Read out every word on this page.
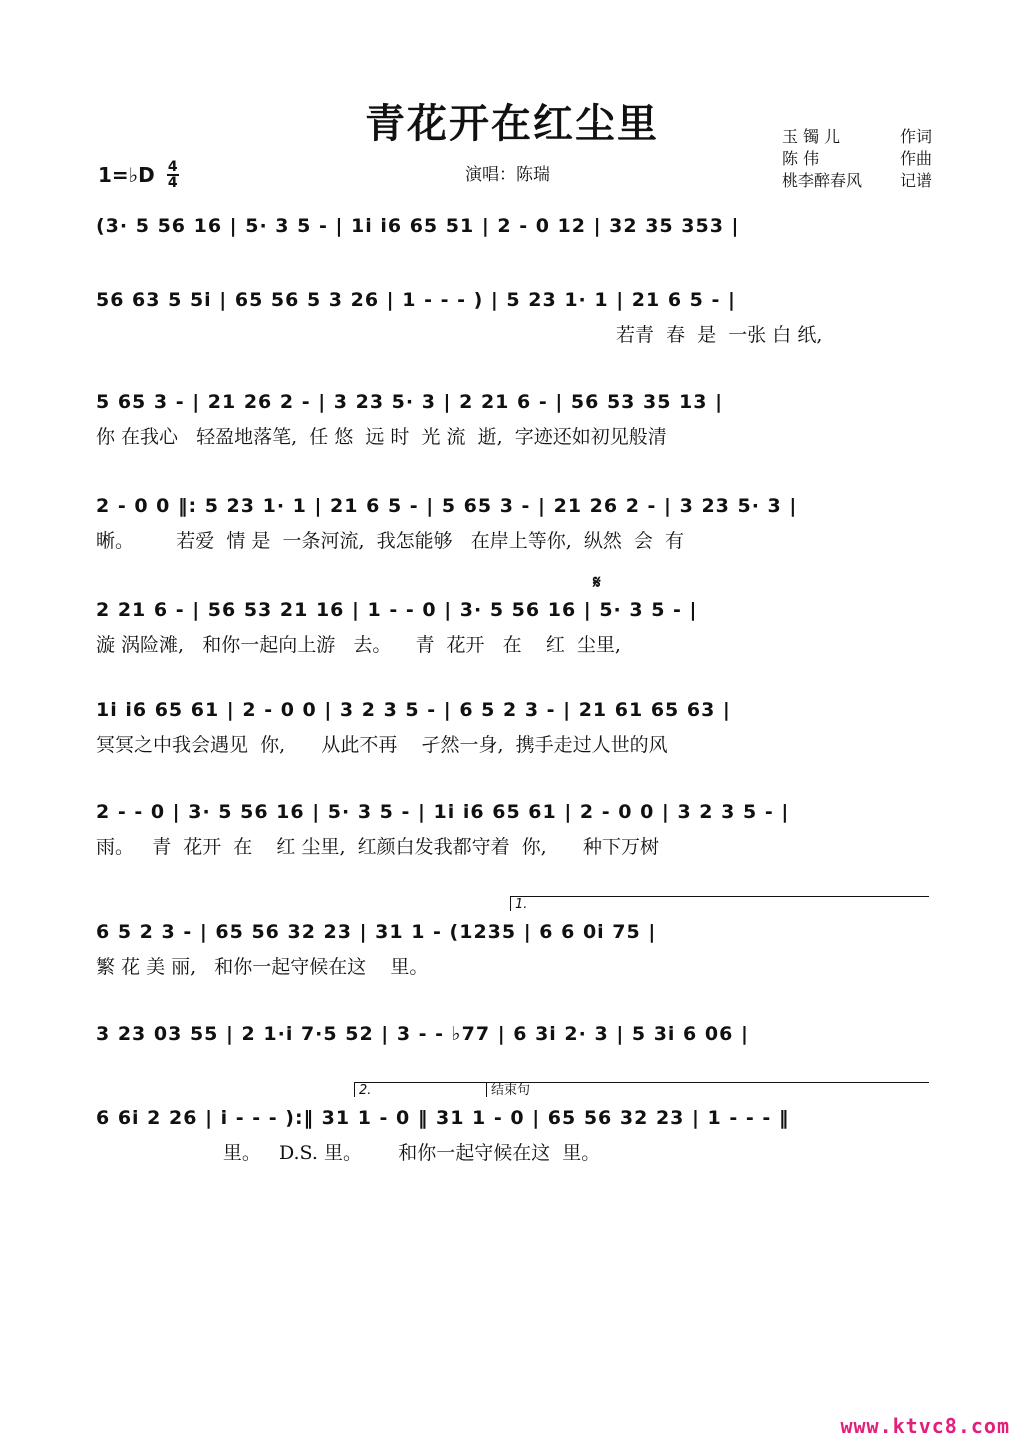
青花开在红尘里	玉 镯 儿	作词
陈 伟	作曲
桃李醉春风 记谱
1=♭D 4
4	演唱：陈瑞
(3· 5 56 16 | 5· 3 5 - | 1i i6 65 51 | 2 - 0 12 | 32 35 353 |
56 63 5 5i | 65 56 5 3 26 | 1 - - - ) | 5 23 1· 1 | 21 6 5 - |
若青  春  是  一张 白 纸,
5 65 3 - | 21 26 2 - | 3 23 5· 3 | 2 21 6 - | 56 53 35 13 |
你 在我心   轻盈地落笔,  任 悠  远 时  光 流  逝,  字迹还如初见般清
2 - 0 0 ‖: 5 23 1· 1 | 21 6 5 - | 5 65 3 - | 21 26 2 - | 3 23 5· 3 |
晰。       若爱  情 是  一条河流,  我怎能够   在岸上等你,  纵然  会  有
𝄋
2 21 6 - | 56 53 21 16 | 1 - - 0 | 3· 5 56 16 | 5· 3 5 - |
漩 涡险滩,   和你一起向上游   去。    青  花开   在    红  尘里,
1i i6 65 61 | 2 - 0 0 | 3 2 3 5 - | 6 5 2 3 - | 21 61 65 63 |
冥冥之中我会遇见  你,      从此不再    孑然一身,  携手走过人世的风
2 - - 0 | 3· 5 56 16 | 5· 3 5 - | 1i i6 65 61 | 2 - 0 0 | 3 2 3 5 - |
雨。   青  花开  在    红 尘里,  红颜白发我都守着  你,      种下万树
1.
6 5 2 3 - | 65 56 32 23 | 31 1 - (1235 | 6 6 0i 75 |
繁 花 美 丽,   和你一起守候在这    里。
3 23 03 55 | 2 1·i 7·5 52 | 3 - - ♭77 | 6 3i 2· 3 | 5 3i 6 06 |
2.	结束句
6 6i 2 26 | i - - - ):‖ 31 1 - 0 ‖ 31 1 - 0 | 65 56 32 23 | 1 - - - ‖
里。   D.S. 里。      和你一起守候在这  里。
www.ktvc8.com
